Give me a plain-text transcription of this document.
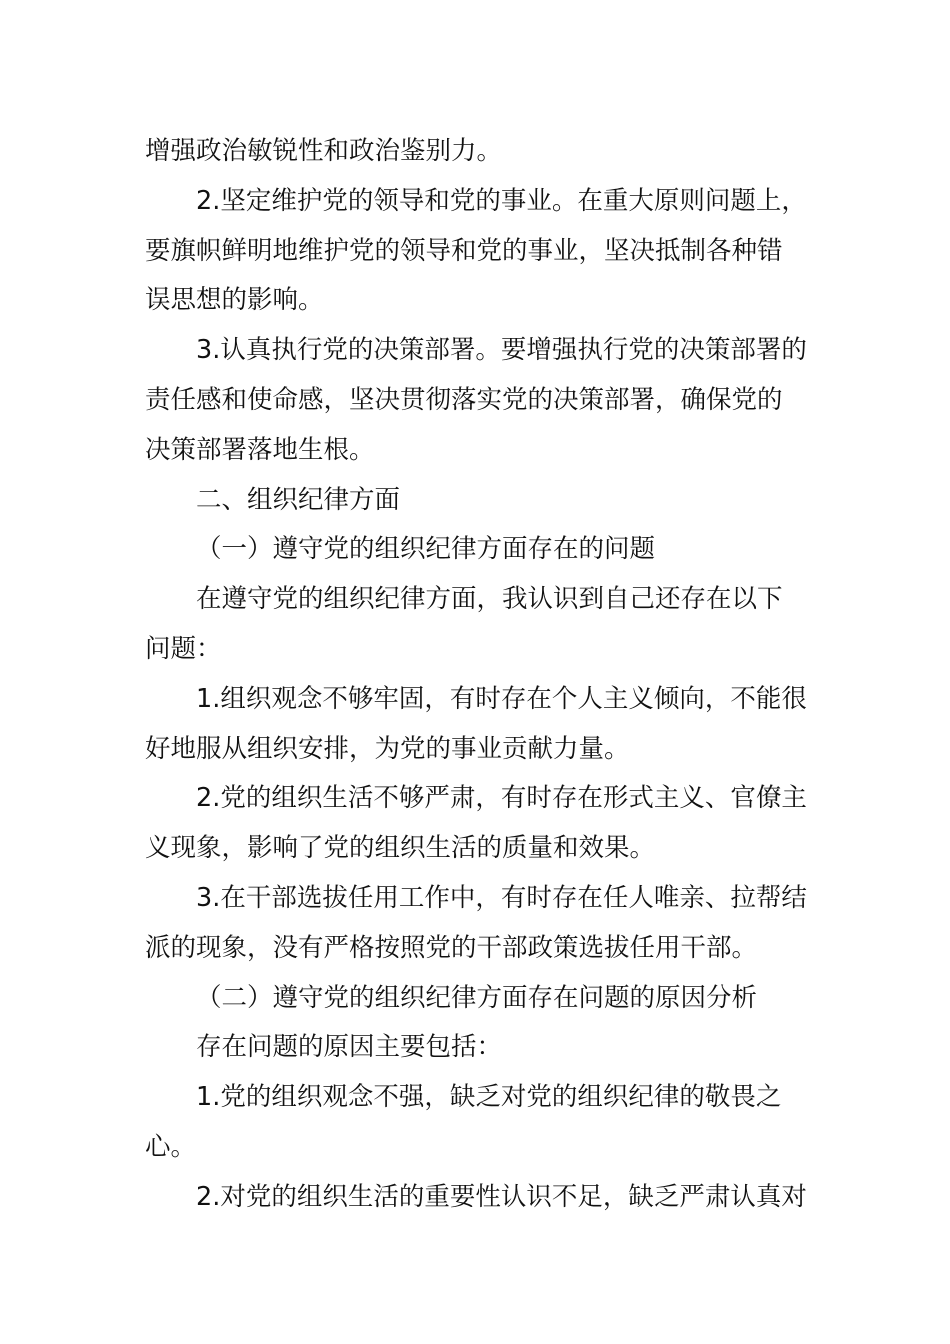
增强政治敏锐性和政治鉴别力。

2.坚定维护党的领导和党的事业。在重大原则问题上，

要旗帜鲜明地维护党的领导和党的事业，坚决抵制各种错

误思想的影响。

3.认真执行党的决策部署。要增强执行党的决策部署的

责任感和使命感，坚决贯彻落实党的决策部署，确保党的

决策部署落地生根。

二、组织纪律方面

（一）遵守党的组织纪律方面存在的问题

在遵守党的组织纪律方面，我认识到自己还存在以下

问题：

1.组织观念不够牢固，有时存在个人主义倾向，不能很

好地服从组织安排，为党的事业贡献力量。

2.党的组织生活不够严肃，有时存在形式主义、官僚主

义现象，影响了党的组织生活的质量和效果。

3.在干部选拔任用工作中，有时存在任人唯亲、拉帮结

派的现象，没有严格按照党的干部政策选拔任用干部。

（二）遵守党的组织纪律方面存在问题的原因分析

存在问题的原因主要包括：

1.党的组织观念不强，缺乏对党的组织纪律的敬畏之

心。

2.对党的组织生活的重要性认识不足，缺乏严肃认真对
